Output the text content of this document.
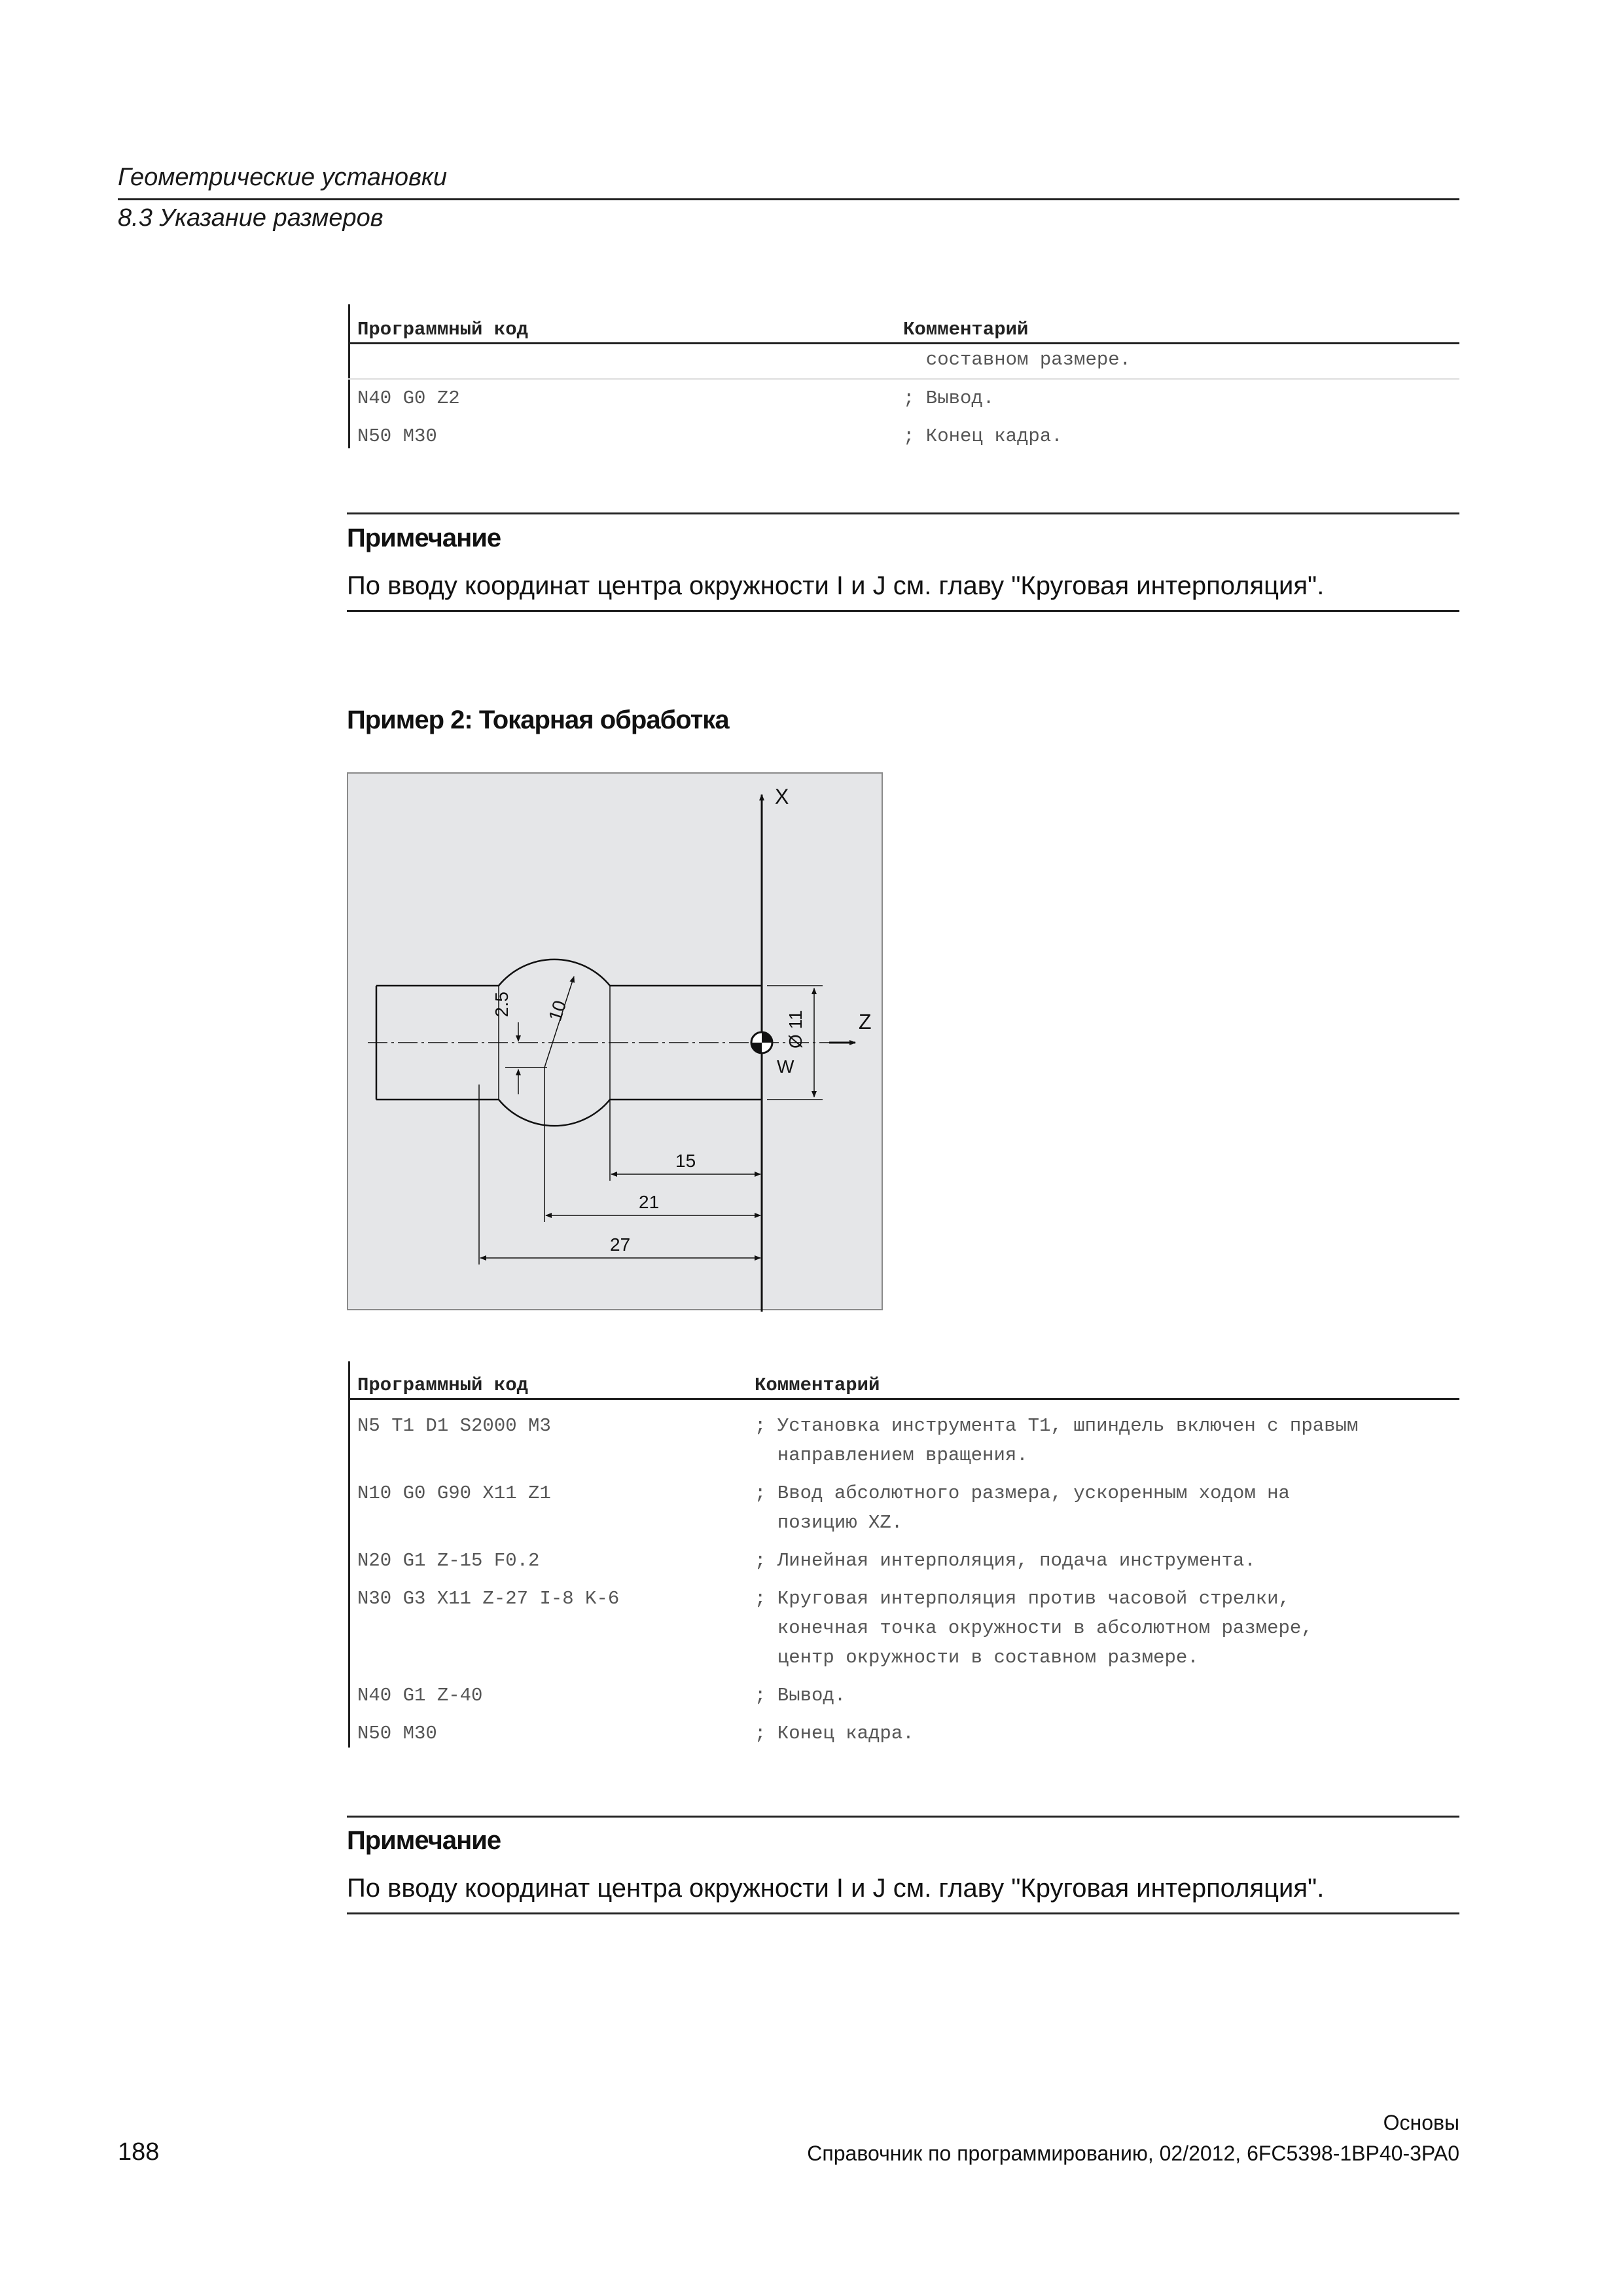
Геометрические установки
8.3 Указание размеров
Программный код	Комментарий
составном размере.
N40 G0 Z2	; Вывод.
N50 M30	; Конец кадра.
Примечание
По вводу координат центра окружности I и J см. главу "Круговая интерполяция".
Пример 2: Токарная обработка
X
Z
W
Ø 11
10
2.5
15
21
27
Программный код	Комментарий
N5 T1 D1 S2000 M3	; Установка инструмента T1, шпиндель включен с правым
направлением вращения.
N10 G0 G90 X11 Z1	; Ввод абсолютного размера, ускоренным ходом на
позицию XZ.
N20 G1 Z-15 F0.2	; Линейная интерполяция, подача инструмента.
N30 G3 X11 Z-27 I-8 K-6	; Круговая интерполяция против часовой стрелки,
конечная точка окружности в абсолютном размере,
центр окружности в составном размере.
N40 G1 Z-40	; Вывод.
N50 M30	; Конец кадра.
Примечание
По вводу координат центра окружности I и J см. главу "Круговая интерполяция".
Основы
188	Справочник по программированию, 02/2012, 6FC5398-1BP40-3PA0
